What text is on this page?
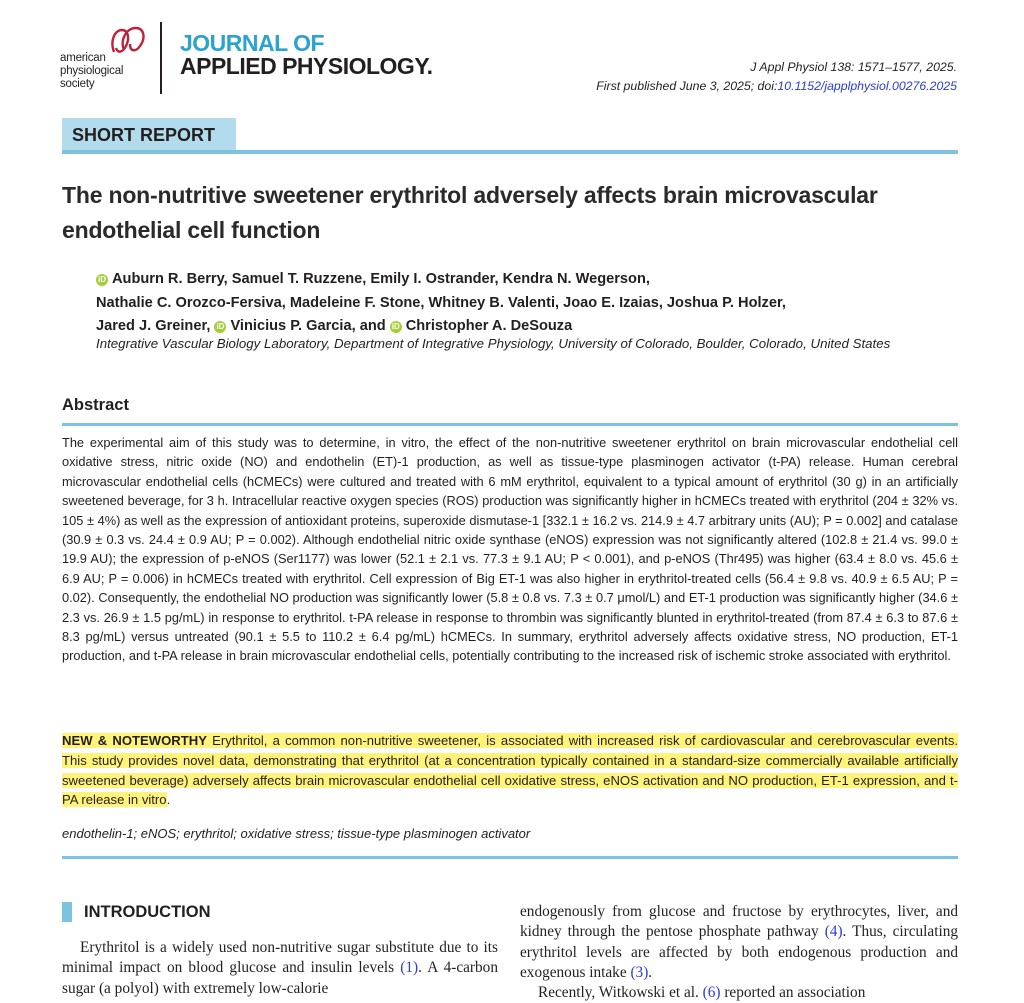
american
physiological
society
JOURNAL OF
APPLIED PHYSIOLOGY.	J Appl Physiol 138: 1571–1577, 2025.
First published June 3, 2025; doi:10.1152/japplphysiol.00276.2025
SHORT REPORT
The non-nutritive sweetener erythritol adversely affects brain microvascular endothelial cell function
iD Auburn R. Berry, Samuel T. Ruzzene, Emily I. Ostrander, Kendra N. Wegerson,
Nathalie C. Orozco-Fersiva, Madeleine F. Stone, Whitney B. Valenti, Joao E. Izaias, Joshua P. Holzer,
Jared J. Greiner, iD Vinicius P. Garcia, and iD Christopher A. DeSouza
Integrative Vascular Biology Laboratory, Department of Integrative Physiology, University of Colorado, Boulder, Colorado, United States
Abstract
The experimental aim of this study was to determine, in vitro, the effect of the non-nutritive sweetener erythritol on brain microvascular endothelial cell oxidative stress, nitric oxide (NO) and endothelin (ET)-1 production, as well as tissue-type plasminogen activator (t-PA) release. Human cerebral microvascular endothelial cells (hCMECs) were cultured and treated with 6 mM erythritol, equivalent to a typical amount of erythritol (30 g) in an artificially sweetened beverage, for 3 h. Intracellular reactive oxygen species (ROS) production was significantly higher in hCMECs treated with erythritol (204 ± 32% vs. 105 ± 4%) as well as the expression of antioxidant proteins, superoxide dismutase-1 [332.1 ± 16.2 vs. 214.9 ± 4.7 arbitrary units (AU); P = 0.002] and catalase (30.9 ± 0.3 vs. 24.4 ± 0.9 AU; P = 0.002). Although endothelial nitric oxide synthase (eNOS) expression was not significantly altered (102.8 ± 21.4 vs. 99.0 ± 19.9 AU); the expression of p-eNOS (Ser1177) was lower (52.1 ± 2.1 vs. 77.3 ± 9.1 AU; P < 0.001), and p-eNOS (Thr495) was higher (63.4 ± 8.0 vs. 45.6 ± 6.9 AU; P = 0.006) in hCMECs treated with erythritol. Cell expression of Big ET-1 was also higher in erythritol-treated cells (56.4 ± 9.8 vs. 40.9 ± 6.5 AU; P = 0.02). Consequently, the endothelial NO production was significantly lower (5.8 ± 0.8 vs. 7.3 ± 0.7 μmol/L) and ET-1 production was significantly higher (34.6 ± 2.3 vs. 26.9 ± 1.5 pg/mL) in response to erythritol. t-PA release in response to thrombin was significantly blunted in erythritol-treated (from 87.4 ± 6.3 to 87.6 ± 8.3 pg/mL) versus untreated (90.1 ± 5.5 to 110.2 ± 6.4 pg/mL) hCMECs. In summary, erythritol adversely affects oxidative stress, NO production, ET-1 production, and t-PA release in brain microvascular endothelial cells, potentially contributing to the increased risk of ischemic stroke associated with erythritol.
NEW & NOTEWORTHY Erythritol, a common non-nutritive sweetener, is associated with increased risk of cardiovascular and cerebrovascular events. This study provides novel data, demonstrating that erythritol (at a concentration typically contained in a standard-size commercially available artificially sweetened beverage) adversely affects brain microvascular endothelial cell oxidative stress, eNOS activation and NO production, ET-1 expression, and t-PA release in vitro.
endothelin-1; eNOS; erythritol; oxidative stress; tissue-type plasminogen activator
INTRODUCTION
Erythritol is a widely used non-nutritive sugar substitute due to its minimal impact on blood glucose and insulin levels (1). A 4-carbon sugar (a polyol) with extremely low-calorie
endogenously from glucose and fructose by erythrocytes, liver, and kidney through the pentose phosphate pathway (4). Thus, circulating erythritol levels are affected by both endogenous production and exogenous intake (3).
Recently, Witkowski et al. (6) reported an association
